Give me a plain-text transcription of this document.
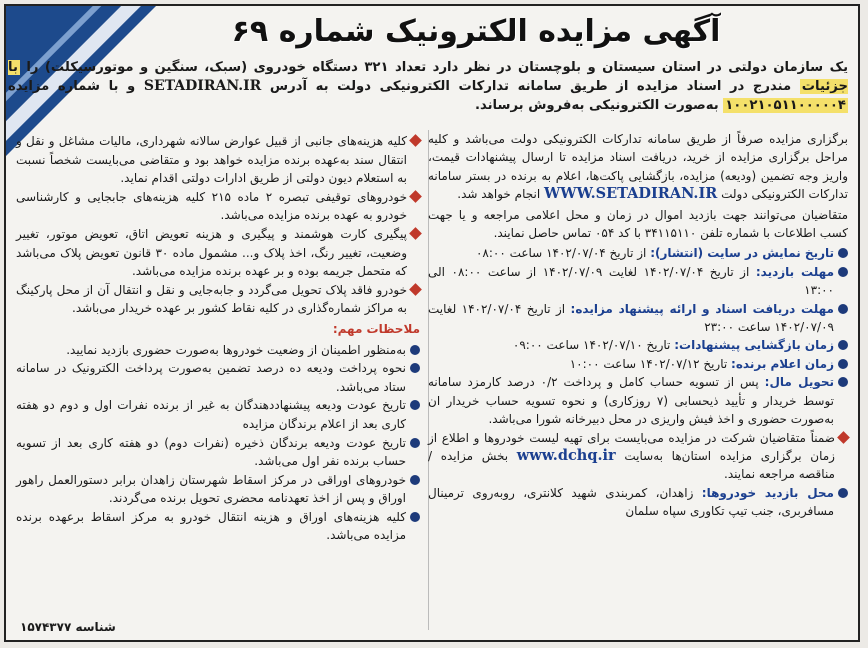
آگهی مزایده الکترونیک شماره ۶۹
یک سازمان دولتی در استان سیستان و بلوچستان در نظر دارد تعداد ۳۲۱ دستگاه خودروی (سبک، سنگین و موتورسیکلت) را با جزئیات مندرج در اسناد مزایده از طریق سامانه تدارکات الکترونیکی دولت به آدرس SETADIRAN.IR و با شماره مزایده ۱۰۰۲۱۰۵۱۱۰۰۰۰۰۴ به‌صورت الکترونیکی به‌فروش برساند.

برگزاری مزایده صرفاً از طریق سامانه تدارکات الکترونیکی دولت می‌باشد و کلیه مراحل برگزاری مزایده از خرید، دریافت اسناد مزایده تا ارسال پیشنهادات قیمت، واریز وجه تضمین (ودیعه) مزایده، بازگشایی پاکت‌ها، اعلام به برنده در بستر سامانه تدارکات الکترونیکی دولت WWW.SETADIRAN.IR انجام خواهد شد.

متقاضیان می‌توانند جهت بازدید اموال در زمان و محل اعلامی مراجعه و یا جهت کسب اطلاعات با شماره تلفن ۳۴۱۱۵۱۱۰ با کد ۰۵۴ تماس حاصل نمایند.

تاریخ نمایش در سایت (انتشار): از تاریخ ۱۴۰۲/۰۷/۰۴ ساعت ۰۸:۰۰
مهلت بازدید: از تاریخ ۱۴۰۲/۰۷/۰۴ لغایت ۱۴۰۲/۰۷/۰۹ از ساعت ۰۸:۰۰ الی ۱۳:۰۰
مهلت دریافت اسناد و ارائه پیشنهاد مزایده: از تاریخ ۱۴۰۲/۰۷/۰۴ لغایت ۱۴۰۲/۰۷/۰۹ ساعت ۲۳:۰۰
زمان بازگشایی پیشنهادات: تاریخ ۱۴۰۲/۰۷/۱۰ ساعت ۰۹:۰۰
زمان اعلام برنده: تاریخ ۱۴۰۲/۰۷/۱۲ ساعت ۱۰:۰۰
تحویل مال: پس از تسویه حساب کامل و پرداخت ۰/۲ درصد کارمزد سامانه توسط خریدار و تأیید ذیحسابی (۷ روزکاری) و نحوه تسویه حساب خریدار ان به‌صورت حضوری و اخذ فیش واریزی در محل دبیرخانه شورا می‌باشد.
ضمناً متقاضیان شرکت در مزایده می‌بایست برای تهیه لیست خودروها و اطلاع از زمان برگزاری مزایده استان‌ها به‌سایت www.dchq.ir بخش مزایده / مناقصه مراجعه نمایند.
محل بازدید خودروها: زاهدان، کمربندی شهید کلانتری، روبه‌روی ترمینال مسافربری، جنب تیپ تکاوری سپاه سلمان
کلیه هزینه‌های جانبی از قبیل عوارض سالانه شهرداری، مالیات مشاغل و نقل و انتقال سند به‌عهده برنده مزایده خواهد بود و متقاضی می‌بایست شخصاً نسبت به استعلام دیون دولتی از طریق ادارات دولتی اقدام نماید.
خودروهای توقیفی تبصره ۲ ماده ۲۱۵ کلیه هزینه‌های جابجایی و کارشناسی خودرو به عهده برنده مزایده می‌باشد.
پیگیری کارت هوشمند و پیگیری و هزینه تعویض اتاق، تعویض موتور، تغییر وضعیت، تغییر رنگ، اخذ پلاک و... مشمول ماده ۳۰ قانون تعویض پلاک می‌باشد که متحمل جریمه بوده و بر عهده برنده مزایده می‌باشد.
خودرو فاقد پلاک تحویل می‌گردد و جابه‌جایی و نقل و انتقال آن از محل پارکینگ به مراکز شماره‌گذاری در کلیه نقاط کشور بر عهده خریدار می‌باشد.
ملاحظات مهم:
به‌منظور اطمینان از وضعیت خودروها به‌صورت حضوری بازدید نمایید.
نحوه پرداخت ودیعه ده درصد تضمین به‌صورت پرداخت الکترونیک در سامانه ستاد می‌باشد.
تاریخ عودت ودیعه پیشنهاددهندگان به غیر از برنده نفرات اول و دوم دو هفته کاری بعد از اعلام برندگان مزایده
تاریخ عودت ودیعه برندگان ذخیره (نفرات دوم) دو هفته کاری بعد از تسویه حساب برنده نفر اول می‌باشد.
خودروهای اوراقی در مرکز اسقاط شهرستان زاهدان برابر دستورالعمل راهور اوراق و پس از اخذ تعهدنامه محضری تحویل برنده می‌گردند.
کلیه هزینه‌های اوراق و هزینه انتقال خودرو به مرکز اسقاط برعهده برنده مزایده می‌باشد.
شناسه ۱۵۷۴۳۷۷
